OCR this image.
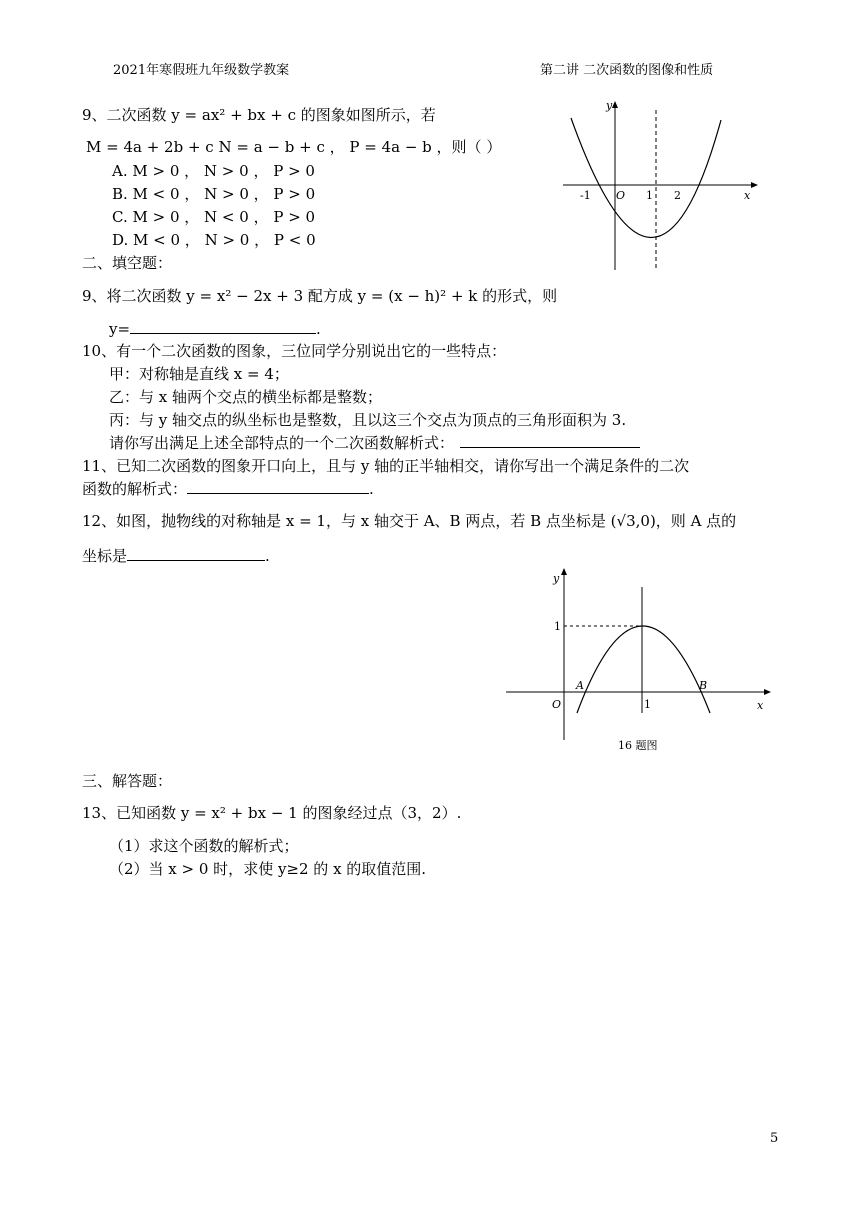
2021年寒假班九年级数学教案	第二讲 二次函数的图像和性质
9、二次函数 y = ax² + bx + c 的图象如图所示，若
M = 4a + 2b + c N = a − b + c ， P = 4a − b ，则（ ）
A. M > 0 ， N > 0 ， P > 0
B. M < 0 ， N > 0 ， P > 0
C. M > 0 ， N < 0 ， P > 0
D. M < 0 ， N > 0 ， P < 0
y
x
-1 O 1 2
二、填空题：
9、将二次函数 y = x² − 2x + 3 配方成 y = (x − h)² + k 的形式，则
y=	.
10、有一个二次函数的图象，三位同学分别说出它的一些特点：
甲：对称轴是直线 x = 4；
乙：与 x 轴两个交点的横坐标都是整数；
丙：与 y 轴交点的纵坐标也是整数，且以这三个交点为顶点的三角形面积为 3.
请你写出满足上述全部特点的一个二次函数解析式：
11、已知二次函数的图象开口向上，且与 y 轴的正半轴相交，请你写出一个满足条件的二次
函数的解析式：	.
12、如图，抛物线的对称轴是 x = 1，与 x 轴交于 A、B 两点，若 B 点坐标是 (√3,0)，则 A 点的
坐标是	.
y
x
O
1
1
A	B
16 题图
三、解答题：
13、已知函数 y = x² + bx − 1 的图象经过点（3，2）.
（1）求这个函数的解析式；
（2）当 x > 0 时，求使 y≥2 的 x 的取值范围.
5
